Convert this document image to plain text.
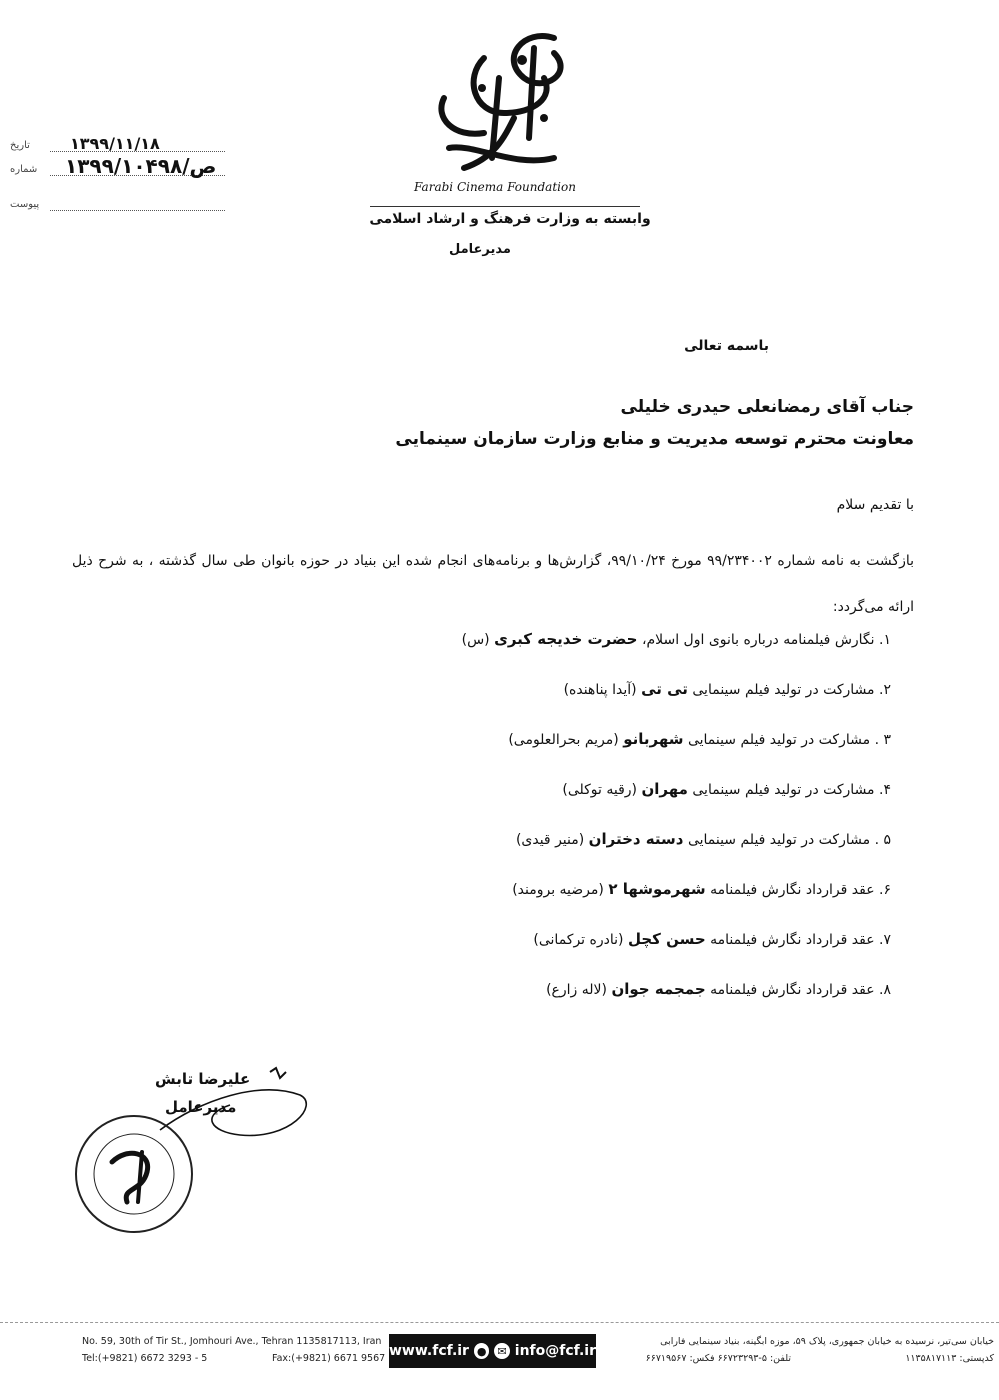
Farabi Cinema Foundation
وابسته به وزارت فرهنگ و ارشاد اسلامی
مدیرعامل
تاریخ	۱۳۹۹/۱۱/۱۸
شماره	۱۳۹۹/ص/۱۰۴۹۸
پیوست
باسمه تعالی
جناب آقای رمضانعلی حیدری خلیلی
معاونت محترم توسعه مدیریت و منابع وزارت سازمان سینمایی
با تقدیم سلام
بازگشت به نامه شماره ۹۹/۲۳۴۰۰۲ مورخ ۹۹/۱۰/۲۴، گزارش‌ها و برنامه‌های انجام شده این بنیاد در حوزه بانوان طی سال گذشته ، به شرح ذیل ارائه می‌گردد:
۱. نگارش فیلمنامه درباره بانوی اول اسلام، حضرت خدیجه کبری (س)
۲. مشارکت در تولید فیلم سینمایی تی تی (آیدا پناهنده)
۳ . مشارکت در تولید فیلم سینمایی شهربانو (مریم بحرالعلومی)
۴. مشارکت در تولید فیلم سینمایی مهران (رقیه توکلی)
۵ . مشارکت در تولید فیلم سینمایی دسته دختران (منیر قیدی)
۶. عقد قرارداد نگارش فیلمنامه شهرموشها ۲ (مرضیه برومند)
۷. عقد قرارداد نگارش فیلمنامه حسن کچل (نادره ترکمانی)
۸. عقد قرارداد نگارش فیلمنامه جمجمه جوان (لاله زارع)
علیرضا تابش
مدیرعامل
No. 59, 30th of Tir St., Jomhouri Ave., Tehran 1135817113, Iran
Tel:(+9821) 6672 3293 - 5	Fax:(+9821) 6671 9567 www.fcf.ir ● ✉ info@fcf.ir
خیابان سی‌تیر، نرسیده به خیابان جمهوری، پلاک ۵۹، موزه ابگینه، بنیاد سینمایی فارابی
کدپستی: ۱۱۳۵۸۱۷۱۱۳
تلفن: ۵-۶۶۷۲۳۲۹۳ فکس: ۶۶۷۱۹۵۶۷
